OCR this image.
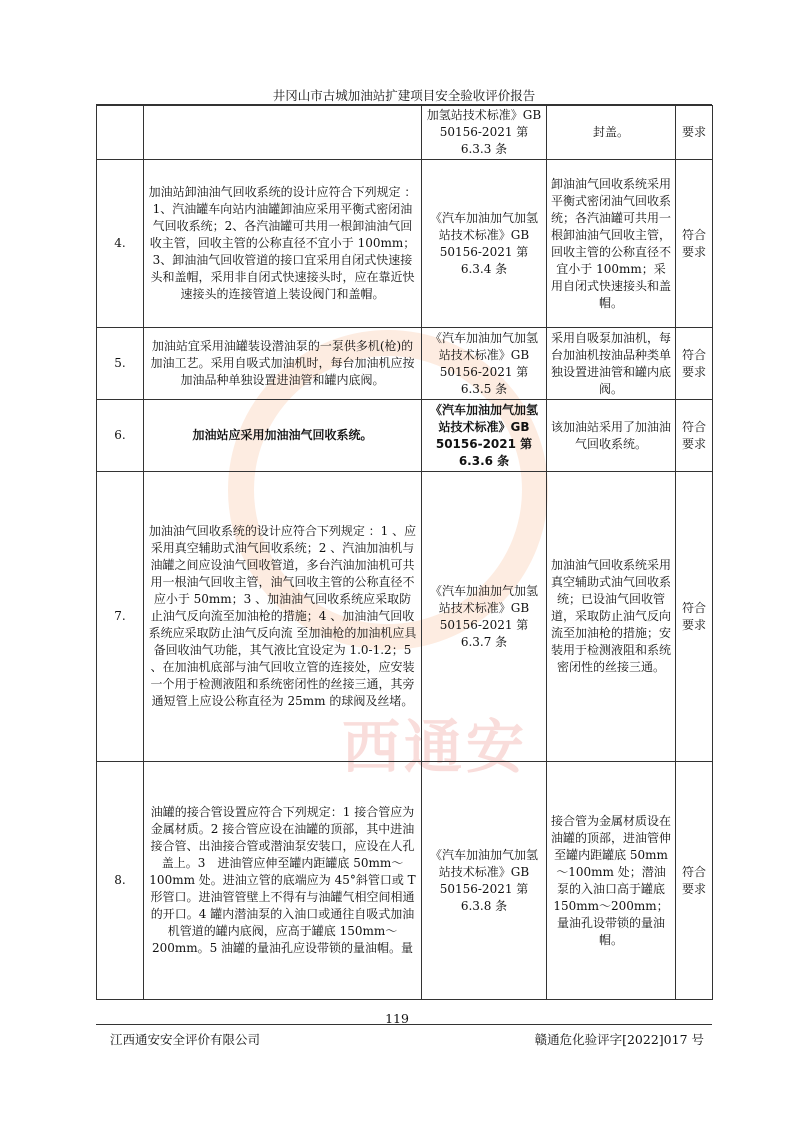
井冈山市古城加油站扩建项目安全验收评价报告
西通安
		加氢站技术标准》GB 50156-2021 第 6.3.3 条	封盖。	要求
4.	加油站卸油油气回收系统的设计应符合下列规定 ：1、汽油罐车向站内油罐卸油应采用平衡式密闭油气回收系统；2、各汽油罐可共用一根卸油油气回收主管，回收主管的公称直径不宜小于 100mm；3、卸油油气回收管道的接口宜采用自闭式快速接头和盖帽，采用非自闭式快速接头时，应在靠近快速接头的连接管道上装设阀门和盖帽。	《汽车加油加气加氢站技术标准》GB 50156-2021 第 6.3.4 条	卸油油气回收系统采用平衡式密闭油气回收系统；各汽油罐可共用一根卸油油气回收主管，回收主管的公称直径不宜小于 100mm；采用自闭式快速接头和盖帽。	符合要求
5.	加油站宜采用油罐装设潜油泵的一泵供多机(枪)的加油工艺。采用自吸式加油机时，每台加油机应按加油品种单独设置进油管和罐内底阀。	《汽车加油加气加氢站技术标准》GB 50156-2021 第 6.3.5 条	采用自吸泵加油机，每台加油机按油品种类单独设置进油管和罐内底阀。	符合要求
6.	加油站应采用加油油气回收系统。	《汽车加油加气加氢站技术标准》GB 50156-2021 第 6.3.6 条	该加油站采用了加油油气回收系统。	符合要求
7.	加油油气回收系统的设计应符合下列规定 ：1 、应采用真空辅助式油气回收系统；2 、汽油加油机与油罐之间应设油气回收管道，多台汽油加油机可共用一根油气回收主管，油气回收主管的公称直径不应小于 50mm；3 、加油油气回收系统应采取防止油气反向流至加油枪的措施；4 、加油油气回收系统应采取防止油气反向流 至加油枪的加油机应具备回收油气功能，其气液比宜设定为 1.0-1.2；5 、在加油机底部与油气回收立管的连接处，应安装一个用于检测液阻和系统密闭性的丝接三通，其旁通短管上应设公称直径为 25mm 的球阀及丝堵。	《汽车加油加气加氢站技术标准》GB 50156-2021 第 6.3.7 条	加油油气回收系统采用真空辅助式油气回收系统；已设油气回收管道，采取防止油气反向流至加油枪的措施；安装用于检测液阻和系统密闭性的丝接三通。	符合要求
8.	油罐的接合管设置应符合下列规定：1 接合管应为金属材质。2 接合管应设在油罐的顶部，其中进油接合管、出油接合管或潜油泵安装口，应设在人孔盖上。3　进油管应伸至罐内距罐底 50mm～100mm 处。进油立管的底端应为 45°斜管口或 T 形管口。进油管管壁上不得有与油罐气相空间相通的开口。4 罐内潜油泵的入油口或通往自吸式加油机管道的罐内底阀，应高于罐底 150mm～200mm。5 油罐的量油孔应设带锁的量油帽。量	《汽车加油加气加氢站技术标准》GB 50156-2021 第 6.3.8 条	接合管为金属材质设在油罐的顶部，进油管伸至罐内距罐底 50mm～100mm 处；潜油泵的入油口高于罐底 150mm～200mm；量油孔设带锁的量油帽。	符合要求
119
江西通安安全评价有限公司	赣通危化验评字[2022]017 号
